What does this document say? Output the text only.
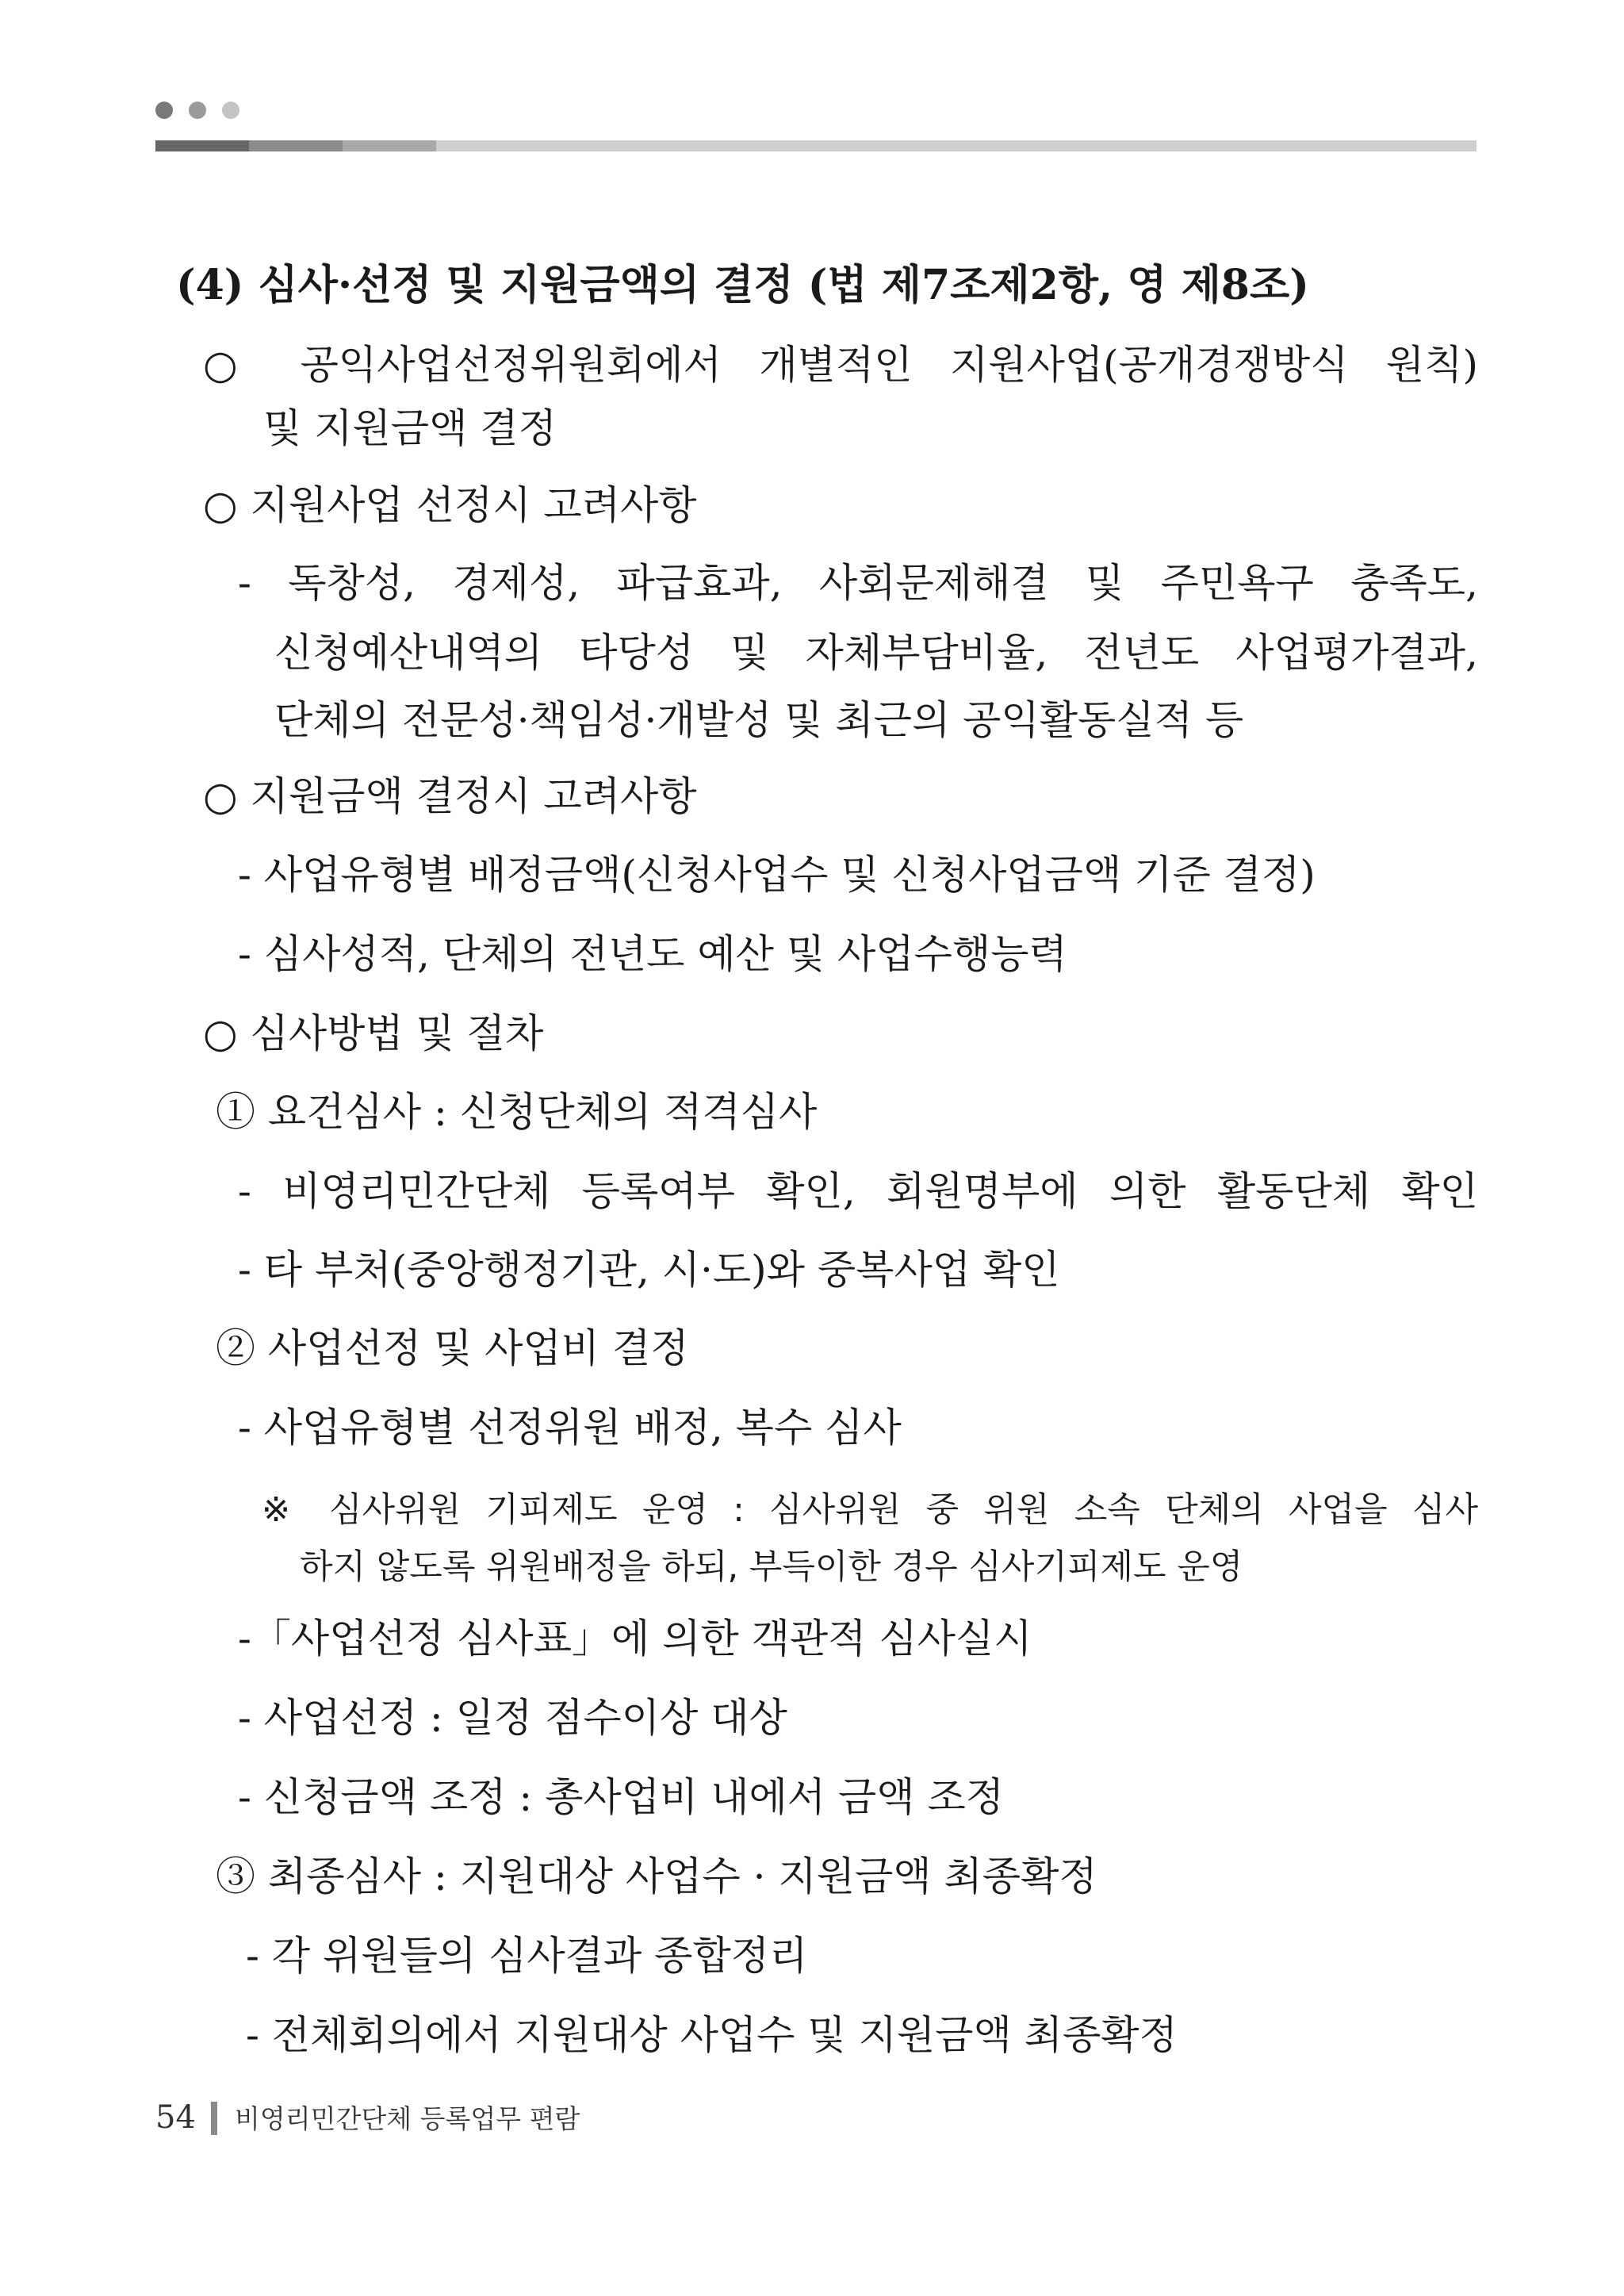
(4) 심사·선정 및 지원금액의 결정 (법 제7조제2항, 영 제8조)
○ 공익사업선정위원회에서 개별적인 지원사업(공개경쟁방식 원칙)
및 지원금액 결정
○ 지원사업 선정시 고려사항
- 독창성, 경제성, 파급효과, 사회문제해결 및 주민욕구 충족도,
신청예산내역의 타당성 및 자체부담비율, 전년도 사업평가결과,
단체의 전문성·책임성·개발성 및 최근의 공익활동실적 등
○ 지원금액 결정시 고려사항
- 사업유형별 배정금액(신청사업수 및 신청사업금액 기준 결정)
- 심사성적, 단체의 전년도 예산 및 사업수행능력
○ 심사방법 및 절차
① 요건심사 : 신청단체의 적격심사
- 비영리민간단체 등록여부 확인, 회원명부에 의한 활동단체 확인
- 타 부처(중앙행정기관, 시·도)와 중복사업 확인
② 사업선정 및 사업비 결정
- 사업유형별 선정위원 배정, 복수 심사
※ 심사위원 기피제도 운영 : 심사위원 중 위원 소속 단체의 사업을 심사
하지 않도록 위원배정을 하되, 부득이한 경우 심사기피제도 운영
-「사업선정 심사표」에 의한 객관적 심사실시
- 사업선정 : 일정 점수이상 대상
- 신청금액 조정 : 총사업비 내에서 금액 조정
③ 최종심사 : 지원대상 사업수 · 지원금액 최종확정
- 각 위원들의 심사결과 종합정리
- 전체회의에서 지원대상 사업수 및 지원금액 최종확정
54 비영리민간단체 등록업무 편람
